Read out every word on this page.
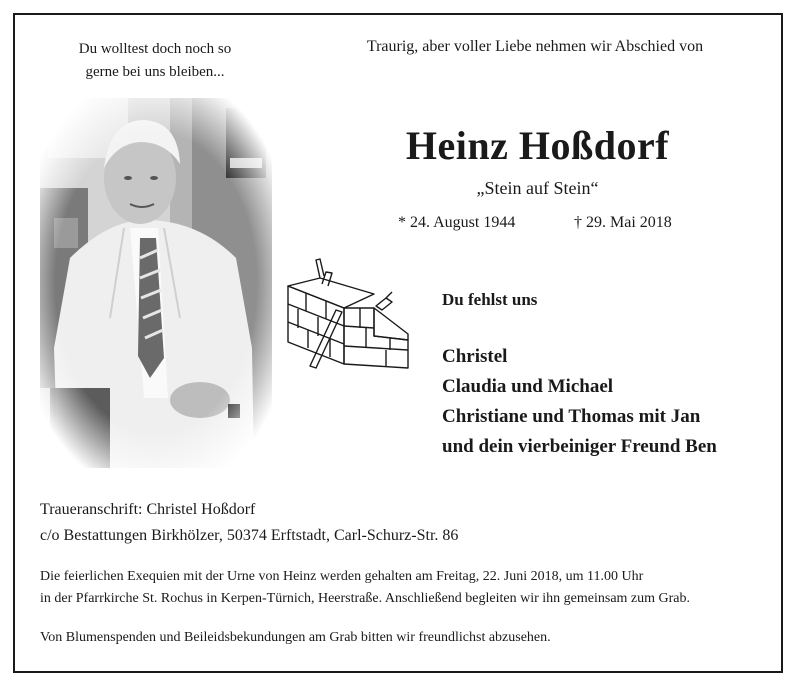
Du wolltest doch noch so
gerne bei uns bleiben...
Traurig, aber voller Liebe nehmen wir Abschied von
Heinz Hoßdorf
„Stein auf Stein“
* 24. August 1944	† 29. Mai 2018
Du fehlst uns
Christel
Claudia und Michael
Christiane und Thomas mit Jan
und dein vierbeiniger Freund Ben
Traueranschrift: Christel Hoßdorf
c/o Bestattungen Birkhölzer, 50374 Erftstadt, Carl-Schurz-Str. 86
Die feierlichen Exequien mit der Urne von Heinz werden gehalten am Freitag, 22. Juni 2018, um 11.00 Uhr
in der Pfarrkirche St. Rochus in Kerpen-Türnich, Heerstraße. Anschließend begleiten wir ihn gemeinsam zum Grab.
Von Blumenspenden und Beileidsbekundungen am Grab bitten wir freundlichst abzusehen.
